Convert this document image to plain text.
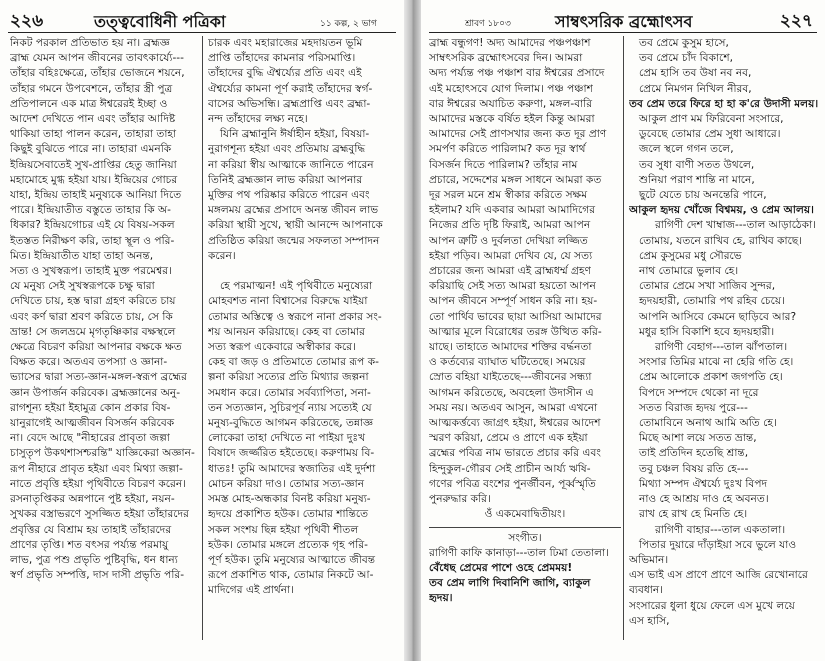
২২৬	তত্ত্ববোধিনী পত্রিকা	১১ কল্প, ২ ভাগ
নিকট পরকাল প্রতিভাত হয় না। ব্রহ্মজ্ঞ
ব্রাহ্ম যেমন আপন জীবনের তাবৎকার্য্যে---
তাঁহার বহিঃক্ষেত্রে, তাঁহার ভোজনে শয়নে,
তাঁহার গমনে উপবেশনে, তাঁহার স্ত্রী পুত্র
প্রতিপালনে এক মাত্র ঈশ্বরেরই ইচ্ছা ও
আদেশ দেখিতে পান এবং তাঁহার আদিষ্ট
থাকিয়া তাহা পালন করেন, তাহারা তাহা
কিছুই বুঝিতে পারে না। তাহারা এমনকি
ইন্দ্রিয়সেবাতেই সুখ-প্রাপ্তির হেতু জানিয়া
মহামোহে মুগ্ধ হইয়া যায়। ইন্দ্রিয়ের গোচর
যাহা, ইন্দ্রিয় তাহাই মনুষ্যকে আনিয়া দিতে
পারে। ইন্দ্রিয়াতীত বস্তুতে তাহার কি অ-
ধিকার? ইন্দ্রিয়গোচর এই যে বিষয়-সকল
ইতস্তত নিরীক্ষণ করি, তাহা স্থূল ও পরি-
মিত। ইন্দ্রিয়াতীত যাহা তাহা অনন্ত,
সত্য ও সুখস্বরূপ। তাহাই মুক্ত পরমেশ্বর।
যে মনুষ্য সেই সুখস্বরূপকে চক্ষু দ্বারা
দেখিতে চায়, হস্ত দ্বারা গ্রহণ করিতে চায়
এবং কর্ণ দ্বারা শ্রবণ করিতে চায়, সে কি
ভ্রান্ত! সে জলভ্রমে মৃগতৃষ্ণিকার বক্ষস্থলে
ক্ষেত্রে বিচরণ করিয়া আপনার বক্ষকে ক্ষত
বিক্ষত করে। অতএব তপস্যা ও জ্ঞানা-
ভ্যাসের দ্বারা সত্য-জ্ঞান-মঙ্গল-স্বরূপ ব্রহ্মের
জ্ঞান উপার্জন করিবেক। ব্রহ্মজ্ঞানের অনু-
রাগশূন্য হইয়া ইহামুত্র কোন প্রকার বিষ-
য়ানুরাগেই আত্মজীবন বিসর্জন করিবেক
না। বেদে আছে "নীহারের প্রাবৃতা জল্পা
চাসুতৃপ উকথশাসশ্চরন্তি" যাজ্ঞিকেরা অজ্ঞান-
রূপ নীহারে প্রাবৃত হইয়া এবং মিথ্যা জল্পা-
নাতে প্রবৃত্তি হইয়া পৃথিবীতে বিচরণ করেন।
রসনাতৃপ্তিকর অন্নপানে পুষ্ট হইয়া, নয়ন-
সুখকর বস্ত্রাভরণে সুসজ্জিত হইয়া তাঁহারদের
প্রবৃত্তির যে বিশ্রাম হয় তাহাই তাঁহারদের
প্রাণের তৃপ্তি। শত বৎসর পর্য্যন্ত পরমায়ু
লাভ, পুত্র পশু প্রভৃতি পুষ্টিবৃদ্ধি, ধন ধান্য
স্বর্ণ প্রভৃতি সম্পত্তি, দাস দাসী প্রভৃতি পরি-
চারক এবং মহারাজের মহদায়তন ভূমি
প্রাপ্তি তাঁহাদের কামনার পরিসমাপ্তি।
তাঁহাদের বুদ্ধি ঐশ্বর্য্যের প্রতি এবং এই
ঐশ্বর্য্যের কামনা পূর্ণ করাই তাঁহাদের স্বর্গ-
বাসের অভিসন্ধি। ব্রহ্মপ্রাপ্তি এবং ব্রহ্মা-
নন্দ তাঁহাদের লক্ষ্য নহে।
যিনি ব্রহ্মানুনি ঈর্ষাহীন হইয়া, বিষয়া-
নুরাগশূন্য হইয়া এবং প্রতিমায় ব্রহ্মবুদ্ধি
না করিয়া স্বীয় আত্মাকে জানিতে পারেন
তিনিই ব্রহ্মজ্ঞান লাভ করিয়া আপনার
মুক্তির পথ পরিষ্কার করিতে পারেন এবং
মঙ্গলময় ব্রহ্মের প্রসাদে অনন্ত জীবন লাভ
করিয়া স্থায়ী সুখে, স্থায়ী আনন্দে আপনাকে
প্রতিষ্ঠিত করিয়া জন্মের সফলতা সম্পাদন
করেন।

হে পরমাত্মন! এই পৃথিবীতে মনুষ্যেরা
মোহবশত নানা বিশ্বাসের বিরুদ্ধে যাইয়া
তোমার অস্তিত্বে ও স্বরূপে নানা প্রকার সং-
শয় আনয়ন করিয়াছে। কেহ বা তোমার
সত্য স্বরূপ একেবারে অস্বীকার করে।
কেহ বা জড় ও প্রতিমাতে তোমার রূপ ক-
ল্পনা করিয়া সত্যের প্রতি মিথ্যার জল্পনা
সমধান করে। তোমার সর্বব্যাপিতা, সনা-
তন সত্যজ্ঞান, সুচিরপূর্ব ন্যায় সত্যেই যে
মনুষ্য-বুদ্ধিতে আগমন করিতেছে, তন্নাজ্ঞ
লোকেরা তাহা দেখিতে না পাইয়া দুঃখ
বিষাদে জর্জ্জরিত হইতেছে। করুণাময় বি-
ধাতঃ! তুমি আমাদের স্বজাতির এই দুর্দশা
মোচন করিয়া দাও। তোমার সত্য-জ্ঞান
সমস্ত মোহ-অন্ধকার বিনষ্ট করিয়া মনুষ্য-
হৃদয়ে প্রকাশিত হউক। তোমার শান্তিতে
সকল সংশয় ছিন্ন হইয়া পৃথিবী শীতল
হউক। তোমার মঙ্গলে প্রত্যেক গৃহ পরি-
পূর্ণ হউক। তুমি মনুষ্যের আত্মাতে জীবন্ত
রূপে প্রকাশিত থাক, তোমার নিকটে আ-
মাদিগের এই প্রার্থনা।
শ্রাবণ ১৮০৩	সাম্বৎসরিক ব্রহ্মোৎসব	২২৭
ব্রাহ্ম বন্ধুগণ! অদ্য আমাদের পঞ্চপঞ্চাশ
সাম্বৎসরিক ব্রহ্মোৎসবের দিন। আমরা
অদ্য পর্য্যন্ত পঞ্চ পঞ্চাশ বার ঈশ্বরের প্রসাদে
এই মহোৎসবে যোগ দিলাম। পঞ্চ পঞ্চাশ
বার ঈশ্বরের অযাচিত করুণা, মঙ্গল-বারি
আমাদের মস্তকে বর্ষিত হইল কিন্তু আমরা
আমাদের সেই প্রাণসখার জন্য কত দূর প্রাণ
সমর্পণ করিতে পারিলাম? কত দূর স্বার্থ
বিসর্জন দিতে পারিলাম? তাঁহার নাম
প্রচারে, সদ্দেশের মঙ্গল সাধনে আমরা কত
দূর সরল মনে শ্রম স্বীকার করিতে সক্ষম
হইলাম? যদি একবার আমরা আমাদিগের
নিজের প্রতি দৃষ্টি ফিরাই, আমরা আপন
আপন ত্রুটি ও দুর্বলতা দেখিয়া লজ্জিত
হইয়া পড়িব। আমরা দেখিব যে, যে সত্য
প্রচারের জন্য আমরা এই ব্রাহ্মধর্ম্ম গ্রহণ
করিয়াছি সেই সত্য আমরা হয়তো আপন
আপন জীবনে সম্পূর্ণ সাধন করি না। হয়-
তো পার্থিব ভাবের ছায়া আসিয়া আমাদের
আত্মার মূলে বিরোধের তরঙ্গ উত্থিত করি-
য়াছে। তাহাতে আমাদের শক্তির বর্দ্ধনতা
ও কর্তব্যের ব্যাঘাত ঘটিতেছে। সময়ের
স্রোত বহিয়া যাইতেছে---জীবনের সন্ধ্যা
আগমন করিতেছে, অবহেলা উদাসীন এ
সময় নয়। অতএব আসুন, আমরা এখনো
আত্মকর্ত্তব্যে জাগ্রৎ হইয়া, ঈশ্বরের আদেশ
স্মরণ করিয়া, প্রেমে ও প্রাণে এক হইয়া
ব্রহ্মের পবিত্র নাম ভারতে প্রচার করি এবং
হিন্দুকুল-গৌরব সেই প্রাচীন আর্য্য ঋষি-
গণের পবিত্র বংশের পুনর্জীবন, পূর্ব্বস্মৃতি
পুনরুদ্ধার করি।
ওঁ একমেবাদ্বিতীয়ং।
সংগীত।
রাগিণী কাফি কানাড়া---তাল ঢিমা তেতালা।
বেঁধেছ প্রেমের পাশে ওহে প্রেমময়!
তব প্রেম লাগি দিবানিশি জাগি, ব্যাকুল
হৃদয়।
তব প্রেমে কুসুম হাসে,
তব প্রেমে চাঁদ বিকাশে,
প্রেম হাসি তব উষা নব নব,
প্রেমে নিমগন নিখিল নীরব,
তব প্রেম তরে ফিরে হা হা ক'রে উদাসী মলয়।
আকুল প্রাণ মম ফিরিবেনা সংসারে,
ডুবেছে তোমার প্রেম সুধা আধারে।
জলে স্থলে গগন তলে,
তব সুধা বাণী সতত উথলে,
শুনিয়া পরাণ শান্তি না মানে,
ছুটে যেতে চায় অনন্তেরি পানে,
আকুল হৃদয় খোঁজে বিশ্বময়, ও প্রেম আলয়।
রাগিণী দেশ খাম্বাজ---তাল আড়াঠেকা।
তোমায়, যতনে রাখিব হে, রাখিব কাছে।
প্রেম কুসুমের মধু সৌরভে
নাথ তোমারে ভুলাব হে।
তোমার প্রেমে সখা সাজিব সুন্দর,
হৃদয়হারী, তোমারি পথ রহিব চেয়ে।
আপনি আসিবে কেমনে ছাড়িবে আর?
মধুর হাসি বিকাশি হবে হৃদয়হারী।
রাগিণী বেহাগ---তাল ঝাঁপতাল।
সংসার তিমির মাঝে না হেরি গতি হে।
প্রেম আলোকে প্রকাশ জগপতি হে।
বিপদে সম্পদে থেকো না দূরে
সতত বিরাজ হৃদয় পুরে---
তোমাবিনে অনাথ আমি অতি হে।
মিছে আশা লয়ে সতত ভ্রান্ত,
তাই প্রতিদিন হতেছি শ্রান্ত,
তবু চঞ্চল বিষয় রতি হে---
মিথ্যা সম্পদ ঐশ্বর্য্যে দুঃখ বিপদ
নাও হে আশ্রয় দাও হে অবনত।
রাখ হে রাখ হে মিনতি হে।
রাগিণী বাহার---তাল একতালা।
পিতার দুয়ারে দাঁড়াইয়া সবে ভুলে যাও
অভিমান।
এস ভাই এস প্রাণে প্রাণে আজি রেখোনারে
ব্যবধান।
সংসারের ধুলা ধুয়ে ফেলে এস মুখে লয়ে
এস হাসি,
